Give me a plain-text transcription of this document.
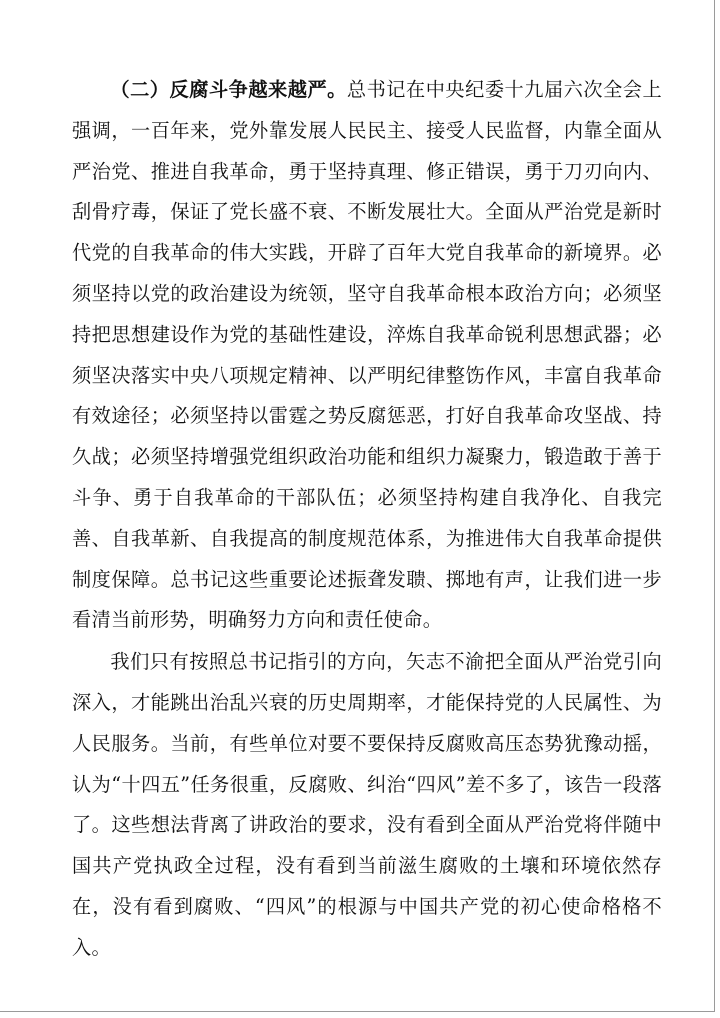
（二）反腐斗争越来越严。总书记在中央纪委十九届六次全会上强调，一百年来，党外靠发展人民民主、接受人民监督，内靠全面从严治党、推进自我革命，勇于坚持真理、修正错误，勇于刀刃向内、刮骨疗毒，保证了党长盛不衰、不断发展壮大。全面从严治党是新时代党的自我革命的伟大实践，开辟了百年大党自我革命的新境界。必须坚持以党的政治建设为统领，坚守自我革命根本政治方向；必须坚持把思想建设作为党的基础性建设，淬炼自我革命锐利思想武器；必须坚决落实中央八项规定精神、以严明纪律整饬作风，丰富自我革命有效途径；必须坚持以雷霆之势反腐惩恶，打好自我革命攻坚战、持久战；必须坚持增强党组织政治功能和组织力凝聚力，锻造敢于善于斗争、勇于自我革命的干部队伍；必须坚持构建自我净化、自我完善、自我革新、自我提高的制度规范体系，为推进伟大自我革命提供制度保障。总书记这些重要论述振聋发聩、掷地有声，让我们进一步看清当前形势，明确努力方向和责任使命。

我们只有按照总书记指引的方向，矢志不渝把全面从严治党引向深入，才能跳出治乱兴衰的历史周期率，才能保持党的人民属性、为人民服务。当前，有些单位对要不要保持反腐败高压态势犹豫动摇，认为“十四五”任务很重，反腐败、纠治“四风”差不多了，该告一段落了。这些想法背离了讲政治的要求，没有看到全面从严治党将伴随中国共产党执政全过程，没有看到当前滋生腐败的土壤和环境依然存在，没有看到腐败、“四风”的根源与中国共产党的初心使命格格不入。
